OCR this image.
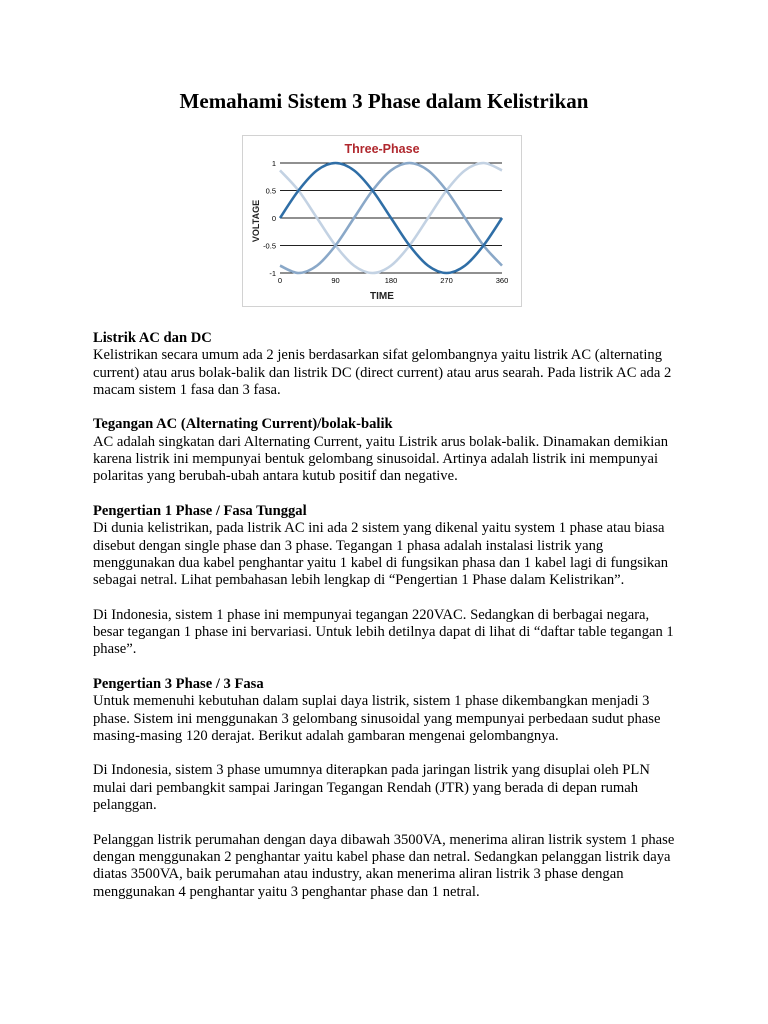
Memahami Sistem 3 Phase dalam Kelistrikan
Three-Phase
1
0.5
0
-0.5
-1
0	90	180	270	360
TIME
VOLTAGE
Listrik AC dan DC

Kelistrikan secara umum ada 2 jenis berdasarkan sifat gelombangnya yaitu listrik AC (alternating current) atau arus bolak-balik dan listrik DC (direct current) atau arus searah. Pada listrik AC ada 2 macam sistem 1 fasa dan 3 fasa.

Tegangan AC (Alternating Current)/bolak-balik

AC adalah singkatan dari Alternating Current, yaitu Listrik arus bolak-balik. Dinamakan demikian karena listrik ini mempunyai bentuk gelombang sinusoidal. Artinya adalah listrik ini mempunyai polaritas yang berubah-ubah antara kutub positif dan negative.

Pengertian 1 Phase / Fasa Tunggal

Di dunia kelistrikan, pada listrik AC ini ada 2 sistem yang dikenal yaitu system 1 phase atau biasa disebut dengan single phase dan 3 phase. Tegangan 1 phasa adalah instalasi listrik yang menggunakan dua kabel penghantar yaitu 1 kabel di fungsikan phasa dan 1 kabel lagi di fungsikan sebagai netral. Lihat pembahasan lebih lengkap di “Pengertian 1 Phase dalam Kelistrikan”.

Di Indonesia, sistem 1 phase ini mempunyai tegangan 220VAC. Sedangkan di berbagai negara, besar tegangan 1 phase ini bervariasi. Untuk lebih detilnya dapat di lihat di “daftar table tegangan 1 phase”.

Pengertian 3 Phase / 3 Fasa

Untuk memenuhi kebutuhan dalam suplai daya listrik, sistem 1 phase dikembangkan menjadi 3 phase. Sistem ini menggunakan 3 gelombang sinusoidal yang mempunyai perbedaan sudut phase masing-masing 120 derajat. Berikut adalah gambaran mengenai gelombangnya.

Di Indonesia, sistem 3 phase umumnya diterapkan pada jaringan listrik yang disuplai oleh PLN mulai dari pembangkit sampai Jaringan Tegangan Rendah (JTR) yang berada di depan rumah pelanggan.

Pelanggan listrik perumahan dengan daya dibawah 3500VA, menerima aliran listrik system 1 phase dengan menggunakan 2 penghantar yaitu kabel phase dan netral. Sedangkan pelanggan listrik daya diatas 3500VA, baik perumahan atau industry, akan menerima aliran listrik 3 phase dengan menggunakan 4 penghantar yaitu 3 penghantar phase dan 1 netral.
